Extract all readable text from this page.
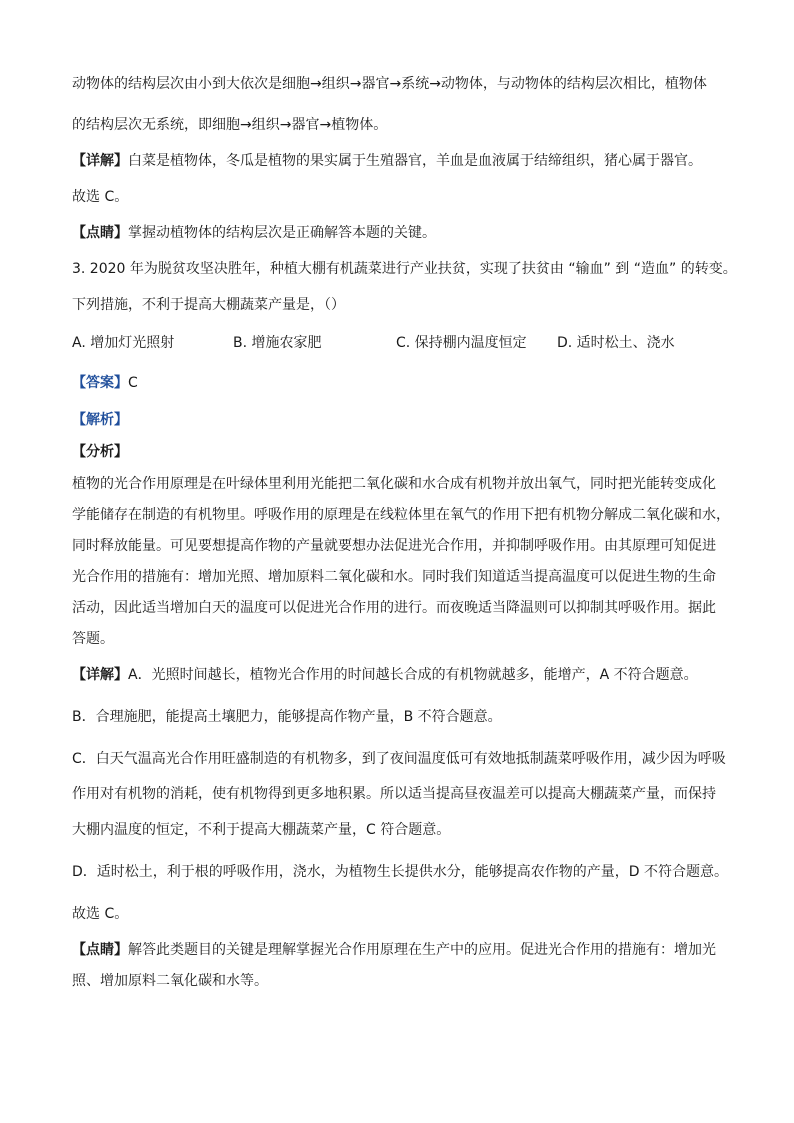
动物体的结构层次由小到大依次是细胞→组织→器官→系统→动物体，与动物体的结构层次相比，植物体
的结构层次无系统，即细胞→组织→器官→植物体。
【详解】白菜是植物体，冬瓜是植物的果实属于生殖器官，羊血是血液属于结缔组织，猪心属于器官。
故选 C。
【点睛】掌握动植物体的结构层次是正确解答本题的关键。
3. 2020 年为脱贫攻坚决胜年，种植大棚有机蔬菜进行产业扶贫，实现了扶贫由 “输血” 到 “造血” 的转变。
下列措施，不利于提高大棚蔬菜产量是，（）
A. 增加灯光照射	B. 增施农家肥	C. 保持棚内温度恒定 D. 适时松土、浇水
【答案】C
【解析】
【分析】
植物的光合作用原理是在叶绿体里利用光能把二氧化碳和水合成有机物并放出氧气，同时把光能转变成化
学能储存在制造的有机物里。呼吸作用的原理是在线粒体里在氧气的作用下把有机物分解成二氧化碳和水，
同时释放能量。可见要想提高作物的产量就要想办法促进光合作用，并抑制呼吸作用。由其原理可知促进
光合作用的措施有：增加光照、增加原料二氧化碳和水。同时我们知道适当提高温度可以促进生物的生命
活动，因此适当增加白天的温度可以促进光合作用的进行。而夜晚适当降温则可以抑制其呼吸作用。据此
答题。
【详解】A．光照时间越长，植物光合作用的时间越长合成的有机物就越多，能增产，A 不符合题意。
B．合理施肥，能提高土壤肥力，能够提高作物产量，B 不符合题意。
C．白天气温高光合作用旺盛制造的有机物多，到了夜间温度低可有效地抵制蔬菜呼吸作用，减少因为呼吸
作用对有机物的消耗，使有机物得到更多地积累。所以适当提高昼夜温差可以提高大棚蔬菜产量，而保持
大棚内温度的恒定，不利于提高大棚蔬菜产量，C 符合题意。
D．适时松土，利于根的呼吸作用，浇水，为植物生长提供水分，能够提高农作物的产量，D 不符合题意。
故选 C。
【点睛】解答此类题目的关键是理解掌握光合作用原理在生产中的应用。促进光合作用的措施有：增加光
照、增加原料二氧化碳和水等。
